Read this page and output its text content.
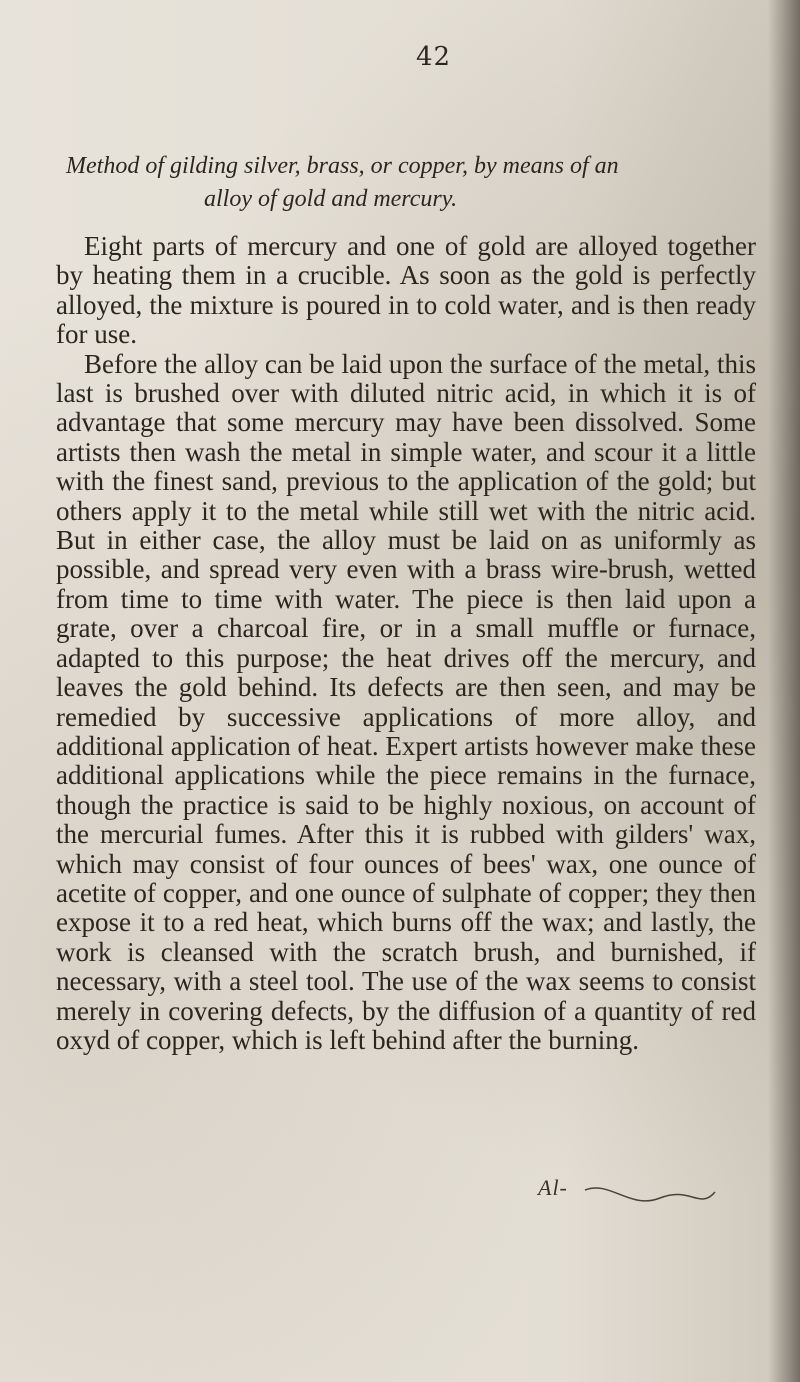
42
Method of gilding silver, brass, or copper, by means of an
alloy of gold and mercury.

Eight parts of mercury and one of gold are alloyed together by heating them in a crucible. As soon as the gold is perfectly alloyed, the mixture is poured in to cold water, and is then ready for use.

Before the alloy can be laid upon the surface of the metal, this last is brushed over with diluted nitric acid, in which it is of advantage that some mercury may have been dissolved. Some artists then wash the metal in simple water, and scour it a little with the finest sand, previous to the application of the gold; but others apply it to the metal while still wet with the nitric acid. But in either case, the alloy must be laid on as uniformly as possible, and spread very even with a brass wire-brush, wetted from time to time with water. The piece is then laid upon a grate, over a charcoal fire, or in a small muffle or furnace, adapted to this purpose; the heat drives off the mercury, and leaves the gold behind. Its defects are then seen, and may be remedied by successive applications of more alloy, and additional application of heat. Expert artists however make these additional applications while the piece remains in the furnace, though the practice is said to be highly noxious, on account of the mercurial fumes. After this it is rubbed with gilders' wax, which may consist of four ounces of bees' wax, one ounce of acetite of copper, and one ounce of sulphate of copper; they then expose it to a red heat, which burns off the wax; and lastly, the work is cleansed with the scratch brush, and burnished, if necessary, with a steel tool. The use of the wax seems to consist merely in covering defects, by the diffusion of a quantity of red oxyd of copper, which is left behind after the burning.

Al-
